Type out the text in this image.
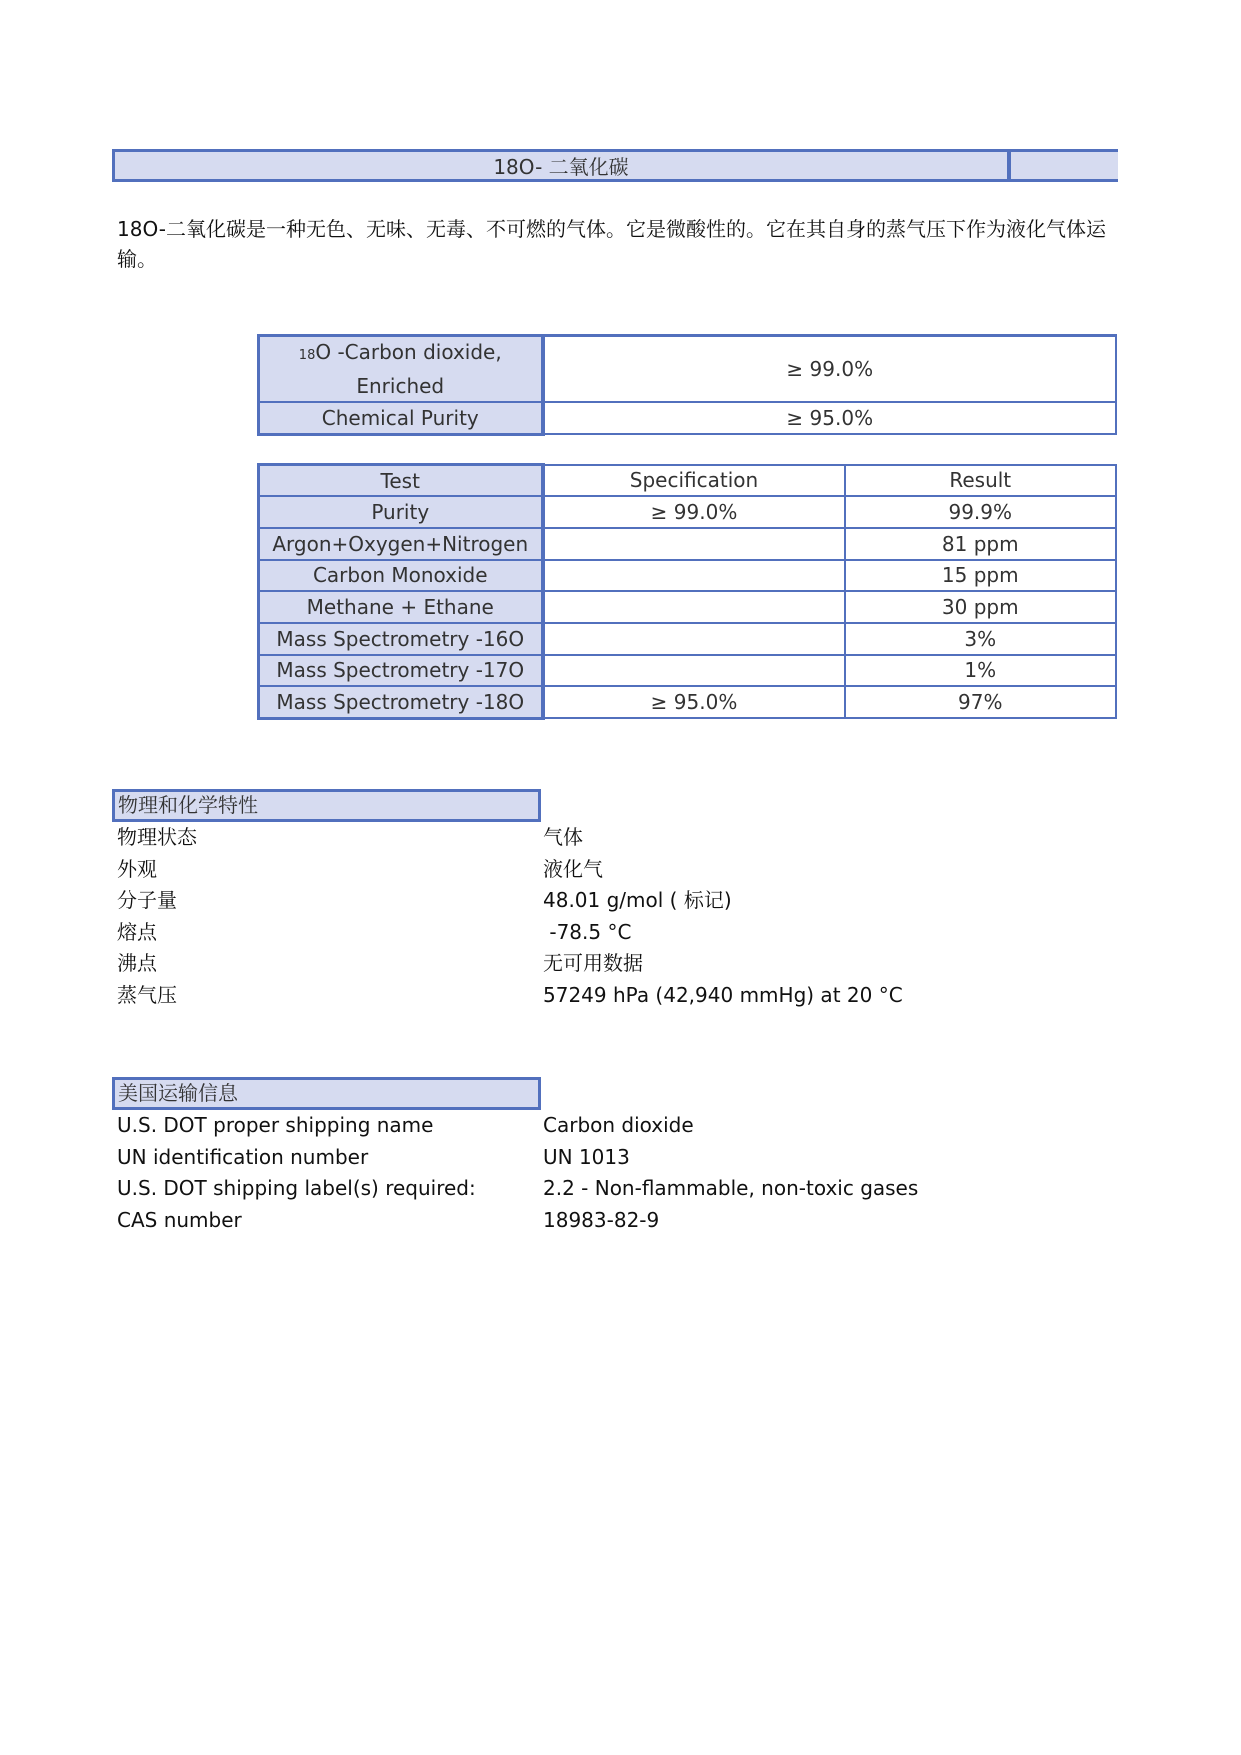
18O- 二氧化碳
18O-二氧化碳是一种无色、无味、无毒、不可燃的气体。它是微酸性的。它在其自身的蒸气压下作为液化气体运输。
18O -Carbon dioxide, Enriched	≥ 99.0%
Chemical Purity	≥ 95.0%
Test	Specification	Result
Purity	≥ 99.0%	99.9%
Argon+Oxygen+Nitrogen		81 ppm
Carbon Monoxide		15 ppm
Methane + Ethane		30 ppm
Mass Spectrometry -16O		3%
Mass Spectrometry -17O		1%
Mass Spectrometry -18O	≥ 95.0%	97%
物理和化学特性
物理状态	气体
外观	液化气
分子量	48.01 g/mol ( 标记)
熔点	-78.5 °C
沸点	无可用数据
蒸气压	57249 hPa (42,940 mmHg) at 20 °C
美国运输信息
U.S. DOT proper shipping name	Carbon dioxide
UN identification number	UN 1013
U.S. DOT shipping label(s) required:	2.2 - Non-flammable, non-toxic gases
CAS number	18983-82-9
